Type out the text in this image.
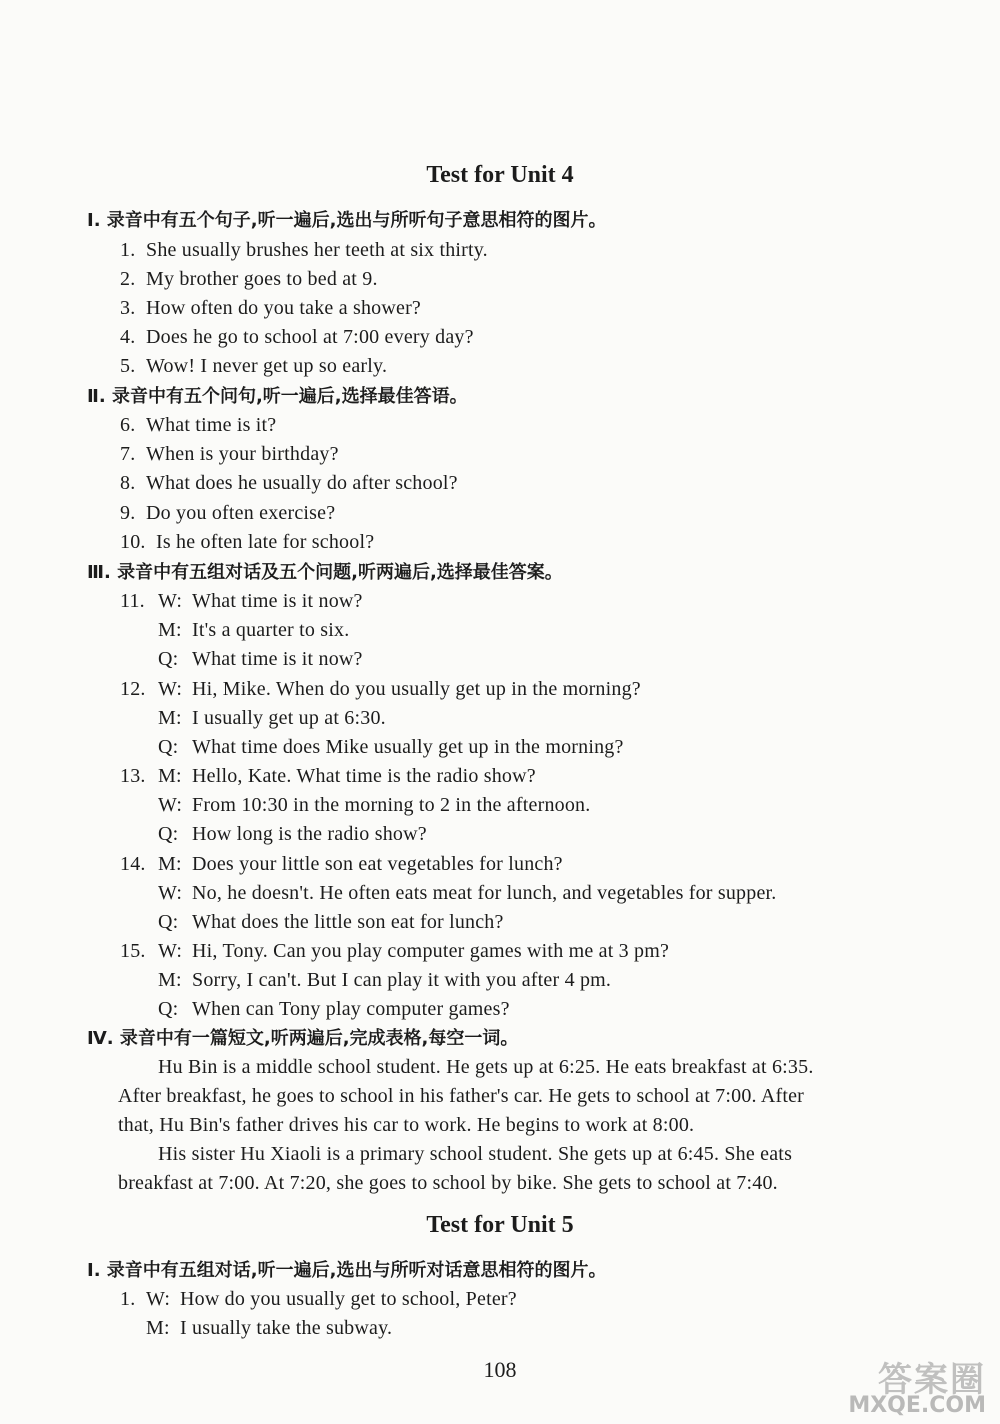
Test for Unit 4
Ⅰ. 录音中有五个句子,听一遍后,选出与所听句子意思相符的图片。
1. She usually brushes her teeth at six thirty.
2. My brother goes to bed at 9.
3. How often do you take a shower?
4. Does he go to school at 7:00 every day?
5. Wow! I never get up so early.
Ⅱ. 录音中有五个问句,听一遍后,选择最佳答语。
6. What time is it?
7. When is your birthday?
8. What does he usually do after school?
9. Do you often exercise?
10. Is he often late for school?
Ⅲ. 录音中有五组对话及五个问题,听两遍后,选择最佳答案。
11. W: What time is it now?
M: It's a quarter to six.
Q: What time is it now?
12. W: Hi, Mike. When do you usually get up in the morning?
M: I usually get up at 6:30.
Q: What time does Mike usually get up in the morning?
13. M: Hello, Kate. What time is the radio show?
W: From 10:30 in the morning to 2 in the afternoon.
Q: How long is the radio show?
14. M: Does your little son eat vegetables for lunch?
W: No, he doesn't. He often eats meat for lunch, and vegetables for supper.
Q: What does the little son eat for lunch?
15. W: Hi, Tony. Can you play computer games with me at 3 pm?
M: Sorry, I can't. But I can play it with you after 4 pm.
Q: When can Tony play computer games?
Ⅳ. 录音中有一篇短文,听两遍后,完成表格,每空一词。
Hu Bin is a middle school student. He gets up at 6:25. He eats breakfast at 6:35.
After breakfast, he goes to school in his father's car. He gets to school at 7:00. After
that, Hu Bin's father drives his car to work. He begins to work at 8:00.
His sister Hu Xiaoli is a primary school student. She gets up at 6:45. She eats
breakfast at 7:00. At 7:20, she goes to school by bike. She gets to school at 7:40.
Test for Unit 5
Ⅰ. 录音中有五组对话,听一遍后,选出与所听对话意思相符的图片。
1. W: How do you usually get to school, Peter?
M: I usually take the subway.
108	答案圈
MXQE.COM
